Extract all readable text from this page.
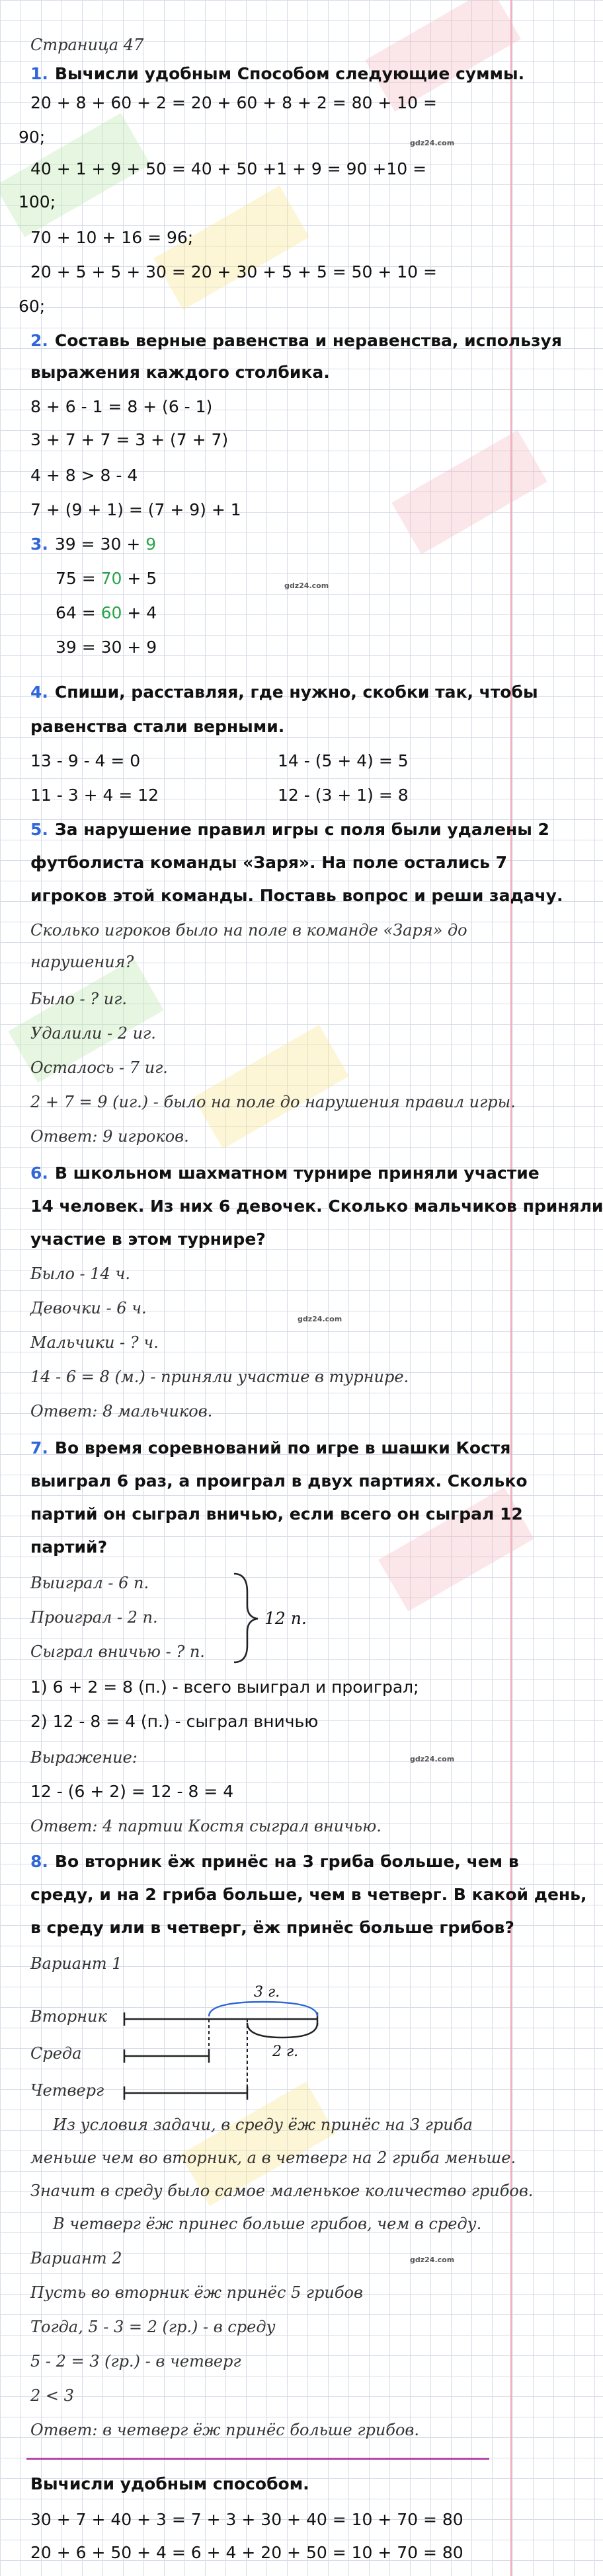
Страница 47
1. Вычисли удобным Способом следующие суммы.
20 + 8 + 60 + 2 = 20 + 60 + 8 + 2 = 80 + 10 =
90;	gdz24.com
40 + 1 + 9 + 50 = 40 + 50 +1 + 9 = 90 +10 =
100;
70 + 10 + 16 = 96;
20 + 5 + 5 + 30 = 20 + 30 + 5 + 5 = 50 + 10 =
60;
2. Составь верные равенства и неравенства, используя
выражения каждого столбика.
8 + 6 - 1 = 8 + (6 - 1)
3 + 7 + 7 = 3 + (7 + 7)
4 + 8 > 8 - 4
7 + (9 + 1) = (7 + 9) + 1
3. 39 = 30 + 9
75 = 70 + 5	gdz24.com
64 = 60 + 4
39 = 30 + 9
4. Спиши, расставляя, где нужно, скобки так, чтобы
равенства стали верными.
13 - 9 - 4 = 0	14 - (5 + 4) = 5
11 - 3 + 4 = 12	12 - (3 + 1) = 8
5. За нарушение правил игры с поля были удалены 2
футболиста команды «Заря». На поле остались 7
игроков этой команды. Поставь вопрос и реши задачу.
Сколько игроков было на поле в команде «Заря» до
нарушения?
Было - ? иг.
Удалили - 2 иг.
Осталось - 7 иг.
2 + 7 = 9 (иг.) - было на поле до нарушения правил игры.
Ответ: 9 игроков.
6. В школьном шахматном турнире приняли участие
14 человек. Из них 6 девочек. Сколько мальчиков приняли
участие в этом турнире?
Было - 14 ч.
Девочки - 6 ч.
gdz24.com
Мальчики - ? ч.
14 - 6 = 8 (м.) - приняли участие в турнире.
Ответ: 8 мальчиков.
7. Во время соревнований по игре в шашки Костя
выиграл 6 раз, а проиграл в двух партиях. Сколько
партий он сыграл вничью, если всего он сыграл 12
партий?
Выиграл - 6 п.
Проиграл - 2 п.
Сыграл вничью - ? п.
12 п.
1) 6 + 2 = 8 (п.) - всего выиграл и проиграл;
2) 12 - 8 = 4 (п.) - сыграл вничью
Выражение:	gdz24.com
12 - (6 + 2) = 12 - 8 = 4
Ответ: 4 партии Костя сыграл вничью.
8. Во вторник ёж принёс на 3 гриба больше, чем в
среду, и на 2 гриба больше, чем в четверг. В какой день,
в среду или в четверг, ёж принёс больше грибов?
Вариант 1
Вторник
Среда
Четверг
3 г.
2 г.
Из условия задачи, в среду ёж принёс на 3 гриба
меньше чем во вторник, а в четверг на 2 гриба меньше.
Значит в среду было самое маленькое количество грибов.
В четверг ёж принес больше грибов, чем в среду.
Вариант 2	gdz24.com
Пусть во вторник ёж принёс 5 грибов
Тогда, 5 - 3 = 2 (гр.) - в среду
5 - 2 = 3 (гр.) - в четверг
2 < 3
Ответ: в четверг ёж принёс больше грибов.
Вычисли удобным способом.
30 + 7 + 40 + 3 = 7 + 3 + 30 + 40 = 10 + 70 = 80
20 + 6 + 50 + 4 = 6 + 4 + 20 + 50 = 10 + 70 = 80
